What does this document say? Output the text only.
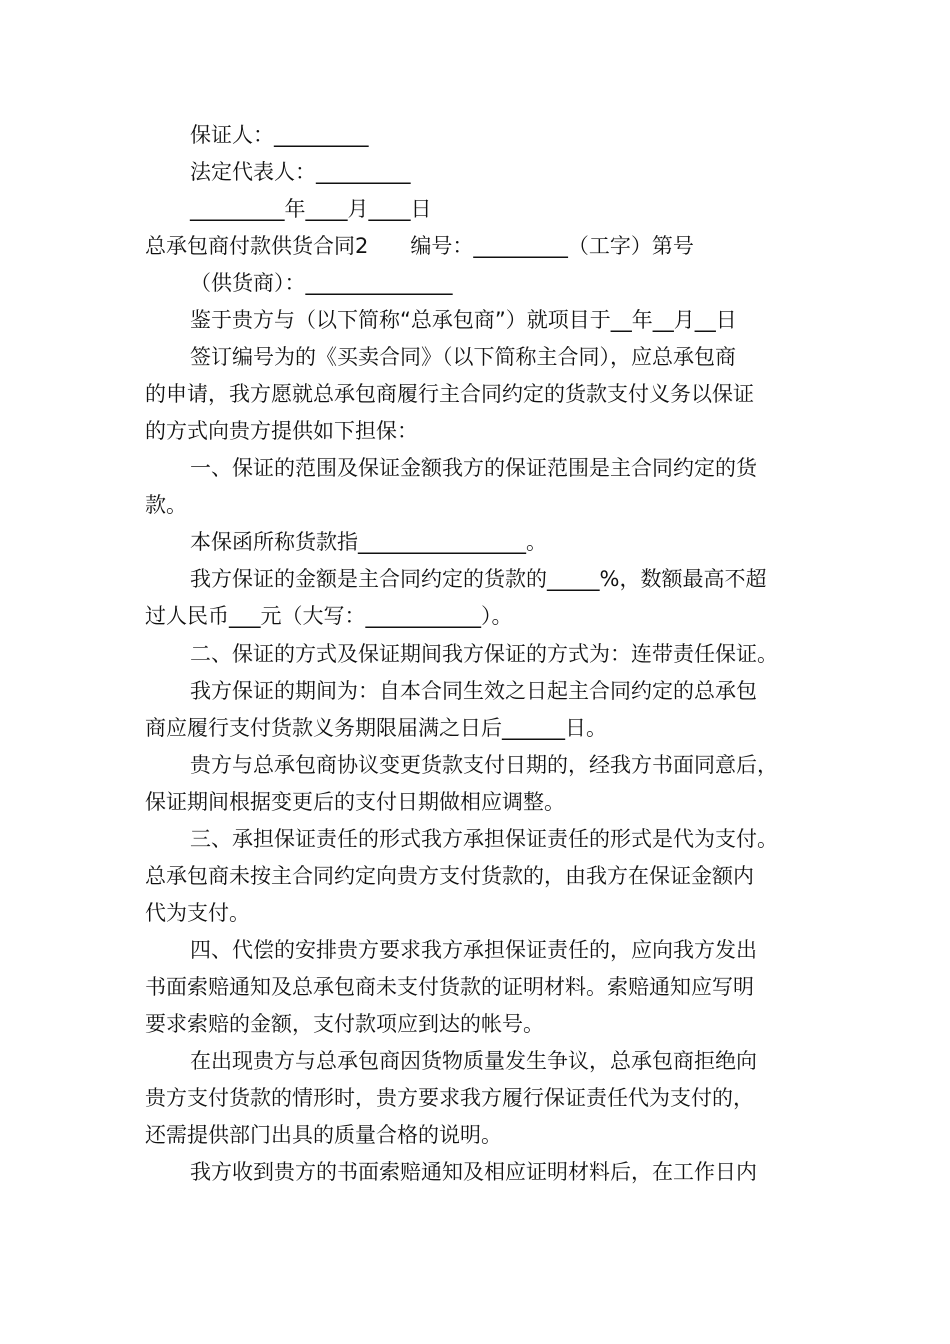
保证人：_________
法定代表人：_________
_________年____月____日
总承包商付款供货合同2　　编号：_________（工字）第号
（供货商）：______________
鉴于贵方与（以下简称“总承包商”）就项目于__年__月__日
签订编号为的《买卖合同》（以下简称主合同），应总承包商
的申请，我方愿就总承包商履行主合同约定的货款支付义务以保证
的方式向贵方提供如下担保：
一、保证的范围及保证金额我方的保证范围是主合同约定的货
款。
本保函所称货款指________________。
我方保证的金额是主合同约定的货款的_____%，数额最高不超
过人民币___元（大写：___________）。
二、保证的方式及保证期间我方保证的方式为：连带责任保证。
我方保证的期间为：自本合同生效之日起主合同约定的总承包
商应履行支付货款义务期限届满之日后______日。
贵方与总承包商协议变更货款支付日期的，经我方书面同意后，
保证期间根据变更后的支付日期做相应调整。
三、承担保证责任的形式我方承担保证责任的形式是代为支付。
总承包商未按主合同约定向贵方支付货款的，由我方在保证金额内
代为支付。
四、代偿的安排贵方要求我方承担保证责任的，应向我方发出
书面索赔通知及总承包商未支付货款的证明材料。索赔通知应写明
要求索赔的金额，支付款项应到达的帐号。
在出现贵方与总承包商因货物质量发生争议，总承包商拒绝向
贵方支付货款的情形时，贵方要求我方履行保证责任代为支付的，
还需提供部门出具的质量合格的说明。
我方收到贵方的书面索赔通知及相应证明材料后，在工作日内
